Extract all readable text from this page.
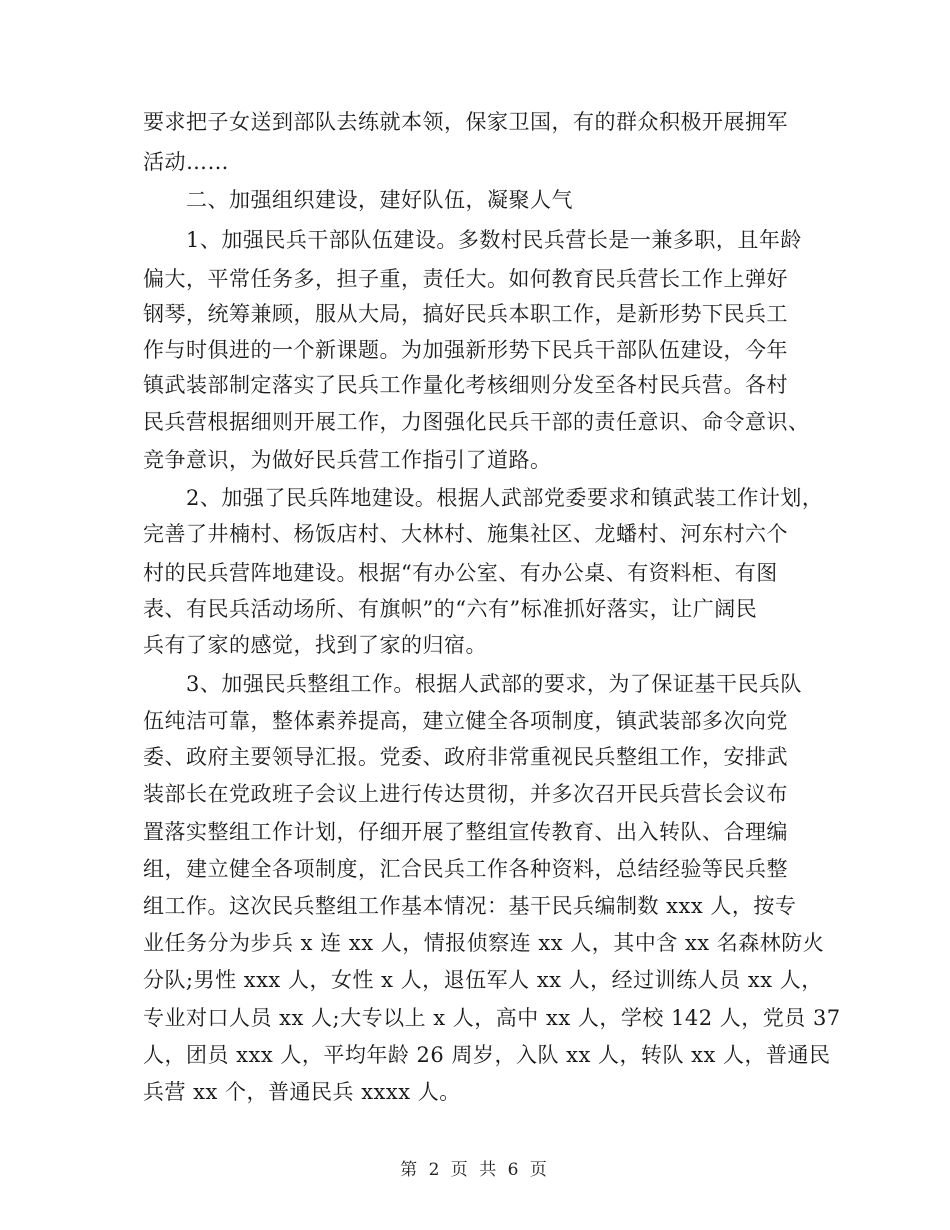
要求把子女送到部队去练就本领，保家卫国，有的群众积极开展拥军
活动……
二、加强组织建设，建好队伍，凝聚人气
1、加强民兵干部队伍建设。多数村民兵营长是一兼多职，且年龄
偏大，平常任务多，担子重，责任大。如何教育民兵营长工作上弹好
钢琴，统筹兼顾，服从大局，搞好民兵本职工作，是新形势下民兵工
作与时俱进的一个新课题。为加强新形势下民兵干部队伍建设，今年
镇武装部制定落实了民兵工作量化考核细则分发至各村民兵营。各村
民兵营根据细则开展工作，力图强化民兵干部的责任意识、命令意识、
竞争意识，为做好民兵营工作指引了道路。
2、加强了民兵阵地建设。根据人武部党委要求和镇武装工作计划，
完善了井楠村、杨饭店村、大林村、施集社区、龙蟠村、河东村六个
村的民兵营阵地建设。根据“有办公室、有办公桌、有资料柜、有图
表、有民兵活动场所、有旗帜”的“六有”标准抓好落实，让广阔民
兵有了家的感觉，找到了家的归宿。
3、加强民兵整组工作。根据人武部的要求，为了保证基干民兵队
伍纯洁可靠，整体素养提高，建立健全各项制度，镇武装部多次向党
委、政府主要领导汇报。党委、政府非常重视民兵整组工作，安排武
装部长在党政班子会议上进行传达贯彻，并多次召开民兵营长会议布
置落实整组工作计划，仔细开展了整组宣传教育、出入转队、合理编
组，建立健全各项制度，汇合民兵工作各种资料，总结经验等民兵整
组工作。这次民兵整组工作基本情况：基干民兵编制数 xxx 人，按专
业任务分为步兵 x 连 xx 人，情报侦察连 xx 人，其中含 xx 名森林防火
分队;男性 xxx 人，女性 x 人，退伍军人 xx 人，经过训练人员 xx 人，
专业对口人员 xx 人;大专以上 x 人，高中 xx 人，学校 142 人，党员 37
人，团员 xxx 人，平均年龄 26 周岁，入队 xx 人，转队 xx 人，普通民
兵营 xx 个，普通民兵 xxxx 人。
第 2 页 共 6 页
